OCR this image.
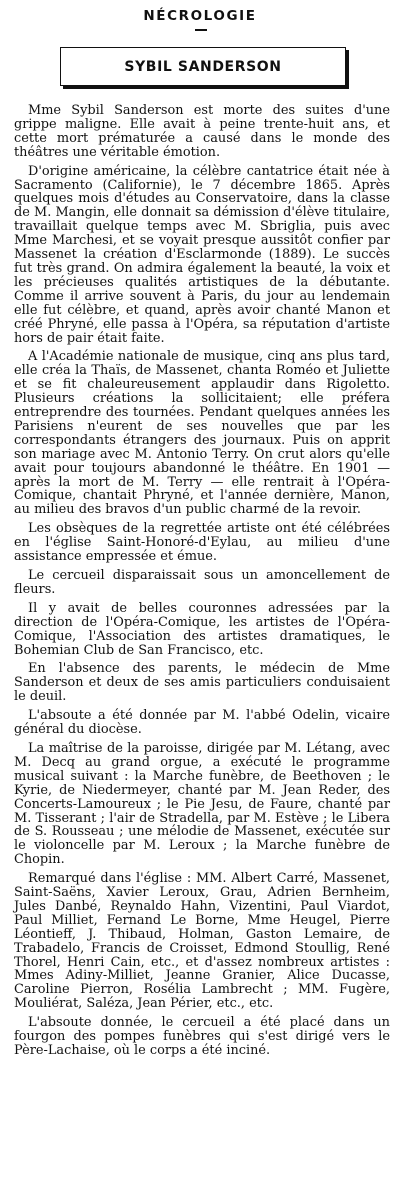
NÉCROLOGIE
SYBIL SANDERSON

Mme Sybil Sanderson est morte des suites d'une grippe maligne. Elle avait à peine trente-huit ans, et cette mort prématurée a causé dans le monde des théâtres une véritable émotion.

D'origine américaine, la célèbre cantatrice était née à Sacramento (Californie), le 7 décembre 1865. Après quelques mois d'études au Conservatoire, dans la classe de M. Mangin, elle donnait sa démission d'élève titulaire, travaillait quelque temps avec M. Sbriglia, puis avec Mme Marchesi, et se voyait presque aussitôt confier par Massenet la création d'Esclarmonde (1889). Le succès fut très grand. On admira également la beauté, la voix et les précieuses qualités artistiques de la débutante. Comme il arrive souvent à Paris, du jour au lendemain elle fut célèbre, et quand, après avoir chanté Manon et créé Phryné, elle passa à l'Opéra, sa réputation d'artiste hors de pair était faite.

A l'Académie nationale de musique, cinq ans plus tard, elle créa la Thaïs, de Massenet, chanta Roméo et Juliette et se fit chaleureusement applaudir dans Rigoletto. Plusieurs créations la sollicitaient; elle préfera entreprendre des tournées. Pendant quelques années les Parisiens n'eurent de ses nouvelles que par les correspondants étrangers des journaux. Puis on apprit son mariage avec M. Antonio Terry. On crut alors qu'elle avait pour toujours abandonné le théâtre. En 1901 — après la mort de M. Terry — elle rentrait à l'Opéra-Comique, chantait Phryné, et l'année dernière, Manon, au milieu des bravos d'un public charmé de la revoir.

Les obsèques de la regrettée artiste ont été célébrées en l'église Saint-Honoré-d'Eylau, au milieu d'une assistance empressée et émue.

Le cercueil disparaissait sous un amoncellement de fleurs.

Il y avait de belles couronnes adressées par la direction de l'Opéra-Comique, les artistes de l'Opéra-Comique, l'Association des artistes dramatiques, le Bohemian Club de San Francisco, etc.

En l'absence des parents, le médecin de Mme Sanderson et deux de ses amis particuliers conduisaient le deuil.

L'absoute a été donnée par M. l'abbé Odelin, vicaire général du diocèse.

La maîtrise de la paroisse, dirigée par M. Létang, avec M. Decq au grand orgue, a exécuté le programme musical suivant : la Marche funèbre, de Beethoven ; le Kyrie, de Niedermeyer, chanté par M. Jean Reder, des Concerts-Lamoureux ; le Pie Jesu, de Faure, chanté par M. Tisserant ; l'air de Stradella, par M. Estève ; le Libera de S. Rousseau ; une mélodie de Massenet, exécutée sur le violoncelle par M. Leroux ; la Marche funèbre de Chopin.

Remarqué dans l'église : MM. Albert Carré, Massenet, Saint-Saëns, Xavier Leroux, Grau, Adrien Bernheim, Jules Danbé, Reynaldo Hahn, Vizentini, Paul Viardot, Paul Milliet, Fernand Le Borne, Mme Heugel, Pierre Léontieff, J. Thibaud, Holman, Gaston Lemaire, de Trabadelo, Francis de Croisset, Edmond Stoullig, René Thorel, Henri Cain, etc., et d'assez nombreux artistes : Mmes Adiny-Milliet, Jeanne Granier, Alice Ducasse, Caroline Pierron, Rosélia Lambrecht ; MM. Fugère, Mouliérat, Saléza, Jean Périer, etc., etc.

L'absoute donnée, le cercueil a été placé dans un fourgon des pompes funèbres qui s'est dirigé vers le Père-Lachaise, où le corps a été inciné.
